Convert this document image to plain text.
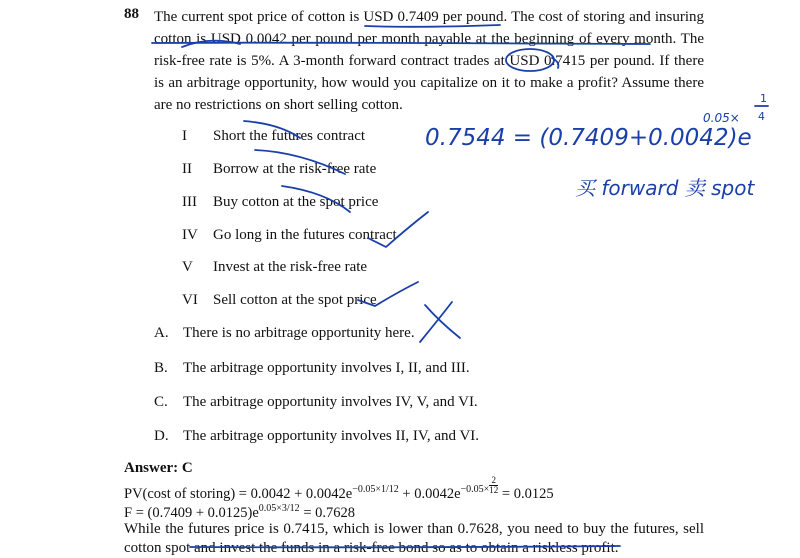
88 The current spot price of cotton is USD 0.7409 per pound. The cost of storing and insuring cotton is USD 0.0042 per pound per month payable at the beginning of every month. The risk-free rate is 5%. A 3-month forward contract trades at USD 0.7415 per pound. If there is an arbitrage opportunity, how would you capitalize on it to make a profit? Assume there are no restrictions on short selling cotton.
I	Short the futures contract
II	Borrow at the risk-free rate
III	Buy cotton at the spot price
IV	Go long in the futures contract
V	Invest at the risk-free rate
VI	Sell cotton at the spot price
A. There is no arbitrage opportunity here.
B. The arbitrage opportunity involves I, II, and III.
C. The arbitrage opportunity involves IV, V, and VI.
D. The arbitrage opportunity involves II, IV, and VI.
Answer: C
PV(cost of storing) = $0.0042 + 0.0042e^{-0.05\times 1/12} + 0.0042e^{-0.05\times \frac{2}{12}} = 0.0125$
$F = (0.7409 + 0.0125)e^{0.05\times 3/12} = 0.7628$
While the futures price is 0.7415, which is lower than 0.7628, you need to buy the futures, sell cotton spot and invest the funds in a risk-free bond so as to obtain a riskless profit.
0.7544 = (0.7409+0.0042)e
0.05×
1
4
买 forward 卖 spot
